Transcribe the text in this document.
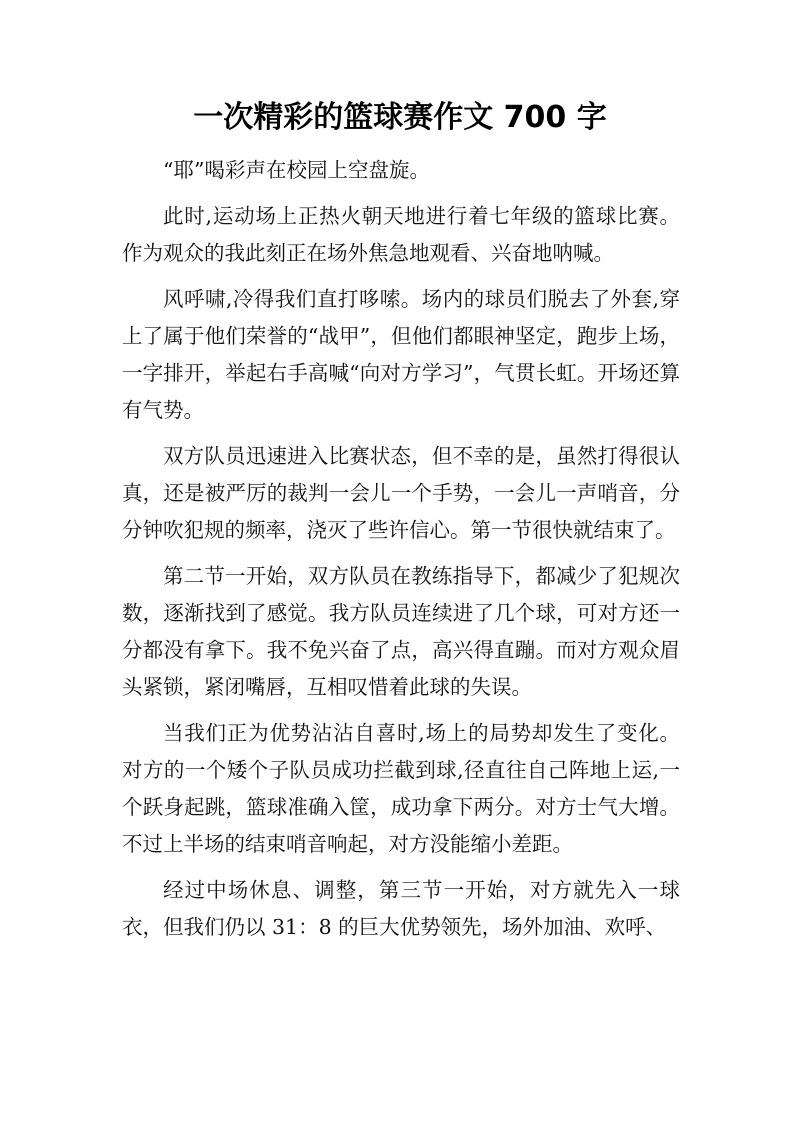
一次精彩的篮球赛作文 700 字

“耶”喝彩声在校园上空盘旋。

此时,运动场上正热火朝天地进行着七年级的篮球比赛。作为观众的我此刻正在场外焦急地观看、兴奋地呐喊。

风呼啸,冷得我们直打哆嗦。场内的球员们脱去了外套,穿上了属于他们荣誉的“战甲”，但他们都眼神坚定，跑步上场，一字排开，举起右手高喊“向对方学习”，气贯长虹。开场还算有气势。

双方队员迅速进入比赛状态，但不幸的是，虽然打得很认真，还是被严厉的裁判一会儿一个手势，一会儿一声哨音，分分钟吹犯规的频率，浇灭了些许信心。第一节很快就结束了。

第二节一开始，双方队员在教练指导下，都减少了犯规次数，逐渐找到了感觉。我方队员连续进了几个球，可对方还一分都没有拿下。我不免兴奋了点，高兴得直蹦。而对方观众眉头紧锁，紧闭嘴唇，互相叹惜着此球的失误。

当我们正为优势沾沾自喜时,场上的局势却发生了变化。对方的一个矮个子队员成功拦截到球,径直往自己阵地上运,一个跃身起跳，篮球准确入筐，成功拿下两分。对方士气大增。不过上半场的结束哨音响起，对方没能缩小差距。

经过中场休息、调整，第三节一开始，对方就先入一球衣，但我们仍以 31：8 的巨大优势领先，场外加油、欢呼、
